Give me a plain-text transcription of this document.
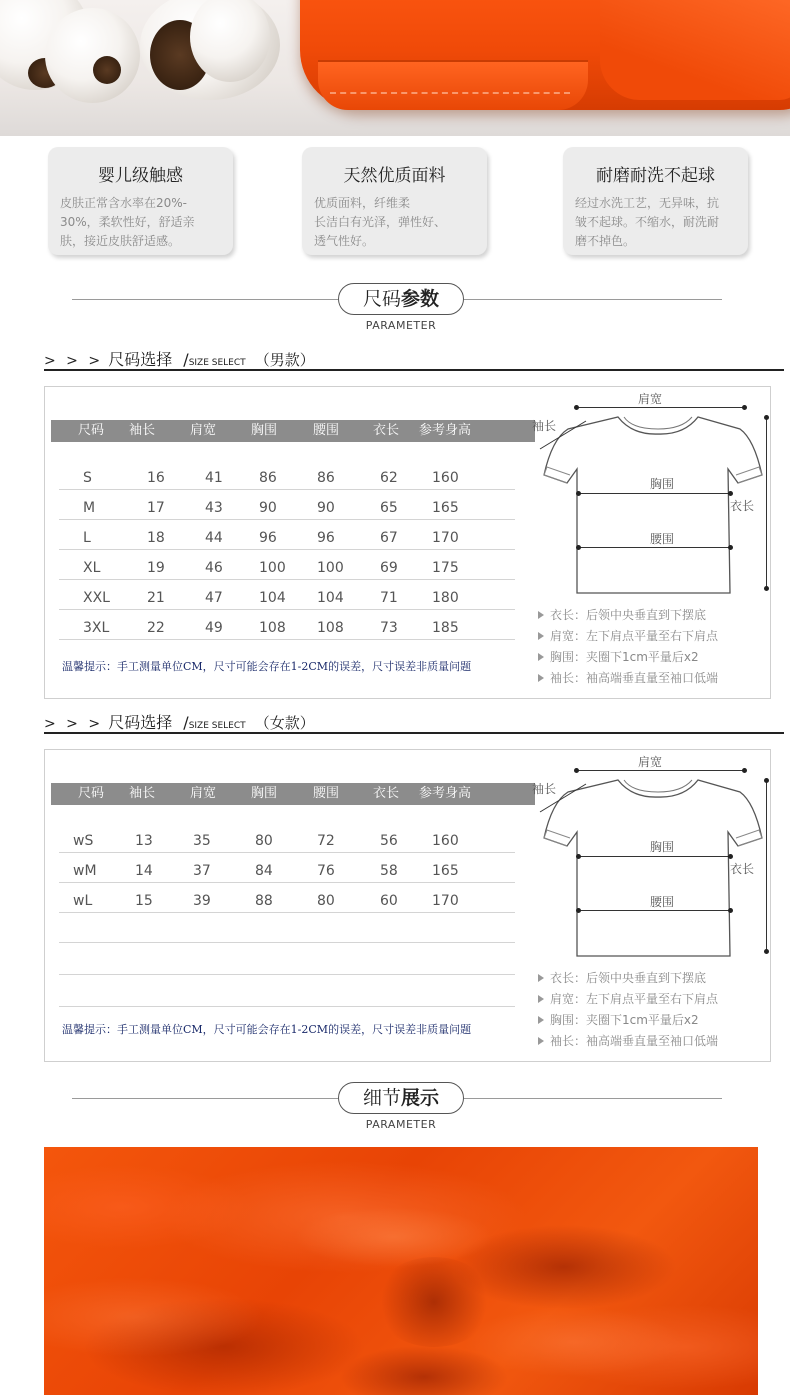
婴儿级触感
皮肤正常含水率在20%-
30%，柔软性好，舒适亲
肤，接近皮肤舒适感。
天然优质面料
优质面料，纤维柔
长洁白有光泽，弹性好、
透气性好。
耐磨耐洗不起球
经过水洗工艺，无异味，抗
皱不起球。不缩水，耐洗耐
磨不掉色。
尺码参数
PARAMETER
> > > 尺码选择 /SIZE SELECT （男款）
尺码 袖长	肩宽	胸围	腰围	衣长 参考身高
S	16	41	86	86	62 160
M	17	43	90	90	65 165
L	18	44	96	96	67 170
XL	19	46	100 100	69 175
XXL	21	47	104 104	71 180
3XL	22	49	108 108	73 185
温馨提示：手工测量单位CM，尺寸可能会存在1-2CM的误差，尺寸误差非质量问题
肩宽
袖长
胸围
腰围
衣长
衣长：后领中央垂直到下摆底
肩宽：左下肩点平量至右下肩点
胸围：夹圈下1cm平量后x2
袖长：袖高端垂直量至袖口低端
> > > 尺码选择 /SIZE SELECT （女款）
尺码 袖长	肩宽	胸围	腰围	衣长 参考身高
wS	13	35	80	72	56 160
wM	14	37	84	76	58 165
wL	15	39	88	80	60 170
温馨提示：手工测量单位CM，尺寸可能会存在1-2CM的误差，尺寸误差非质量问题
肩宽
袖长
胸围
腰围
衣长
衣长：后领中央垂直到下摆底
肩宽：左下肩点平量至右下肩点
胸围：夹圈下1cm平量后x2
袖长：袖高端垂直量至袖口低端
细节展示
PARAMETER
